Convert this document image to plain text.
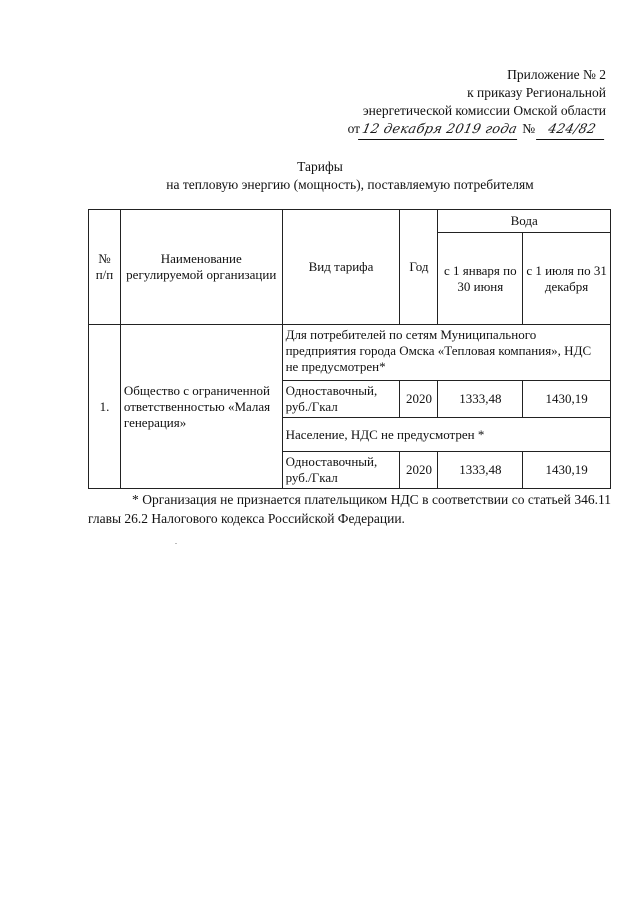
Приложение № 2
к приказу Региональной
энергетической комиссии Омской области
от12 декабря 2019 года № 424/82
Тарифы
на тепловую энергию (мощность), поставляемую потребителям
№ п/п	Наименование регулируемой организации	Вид тарифа	Год	Вода	
				с 1 января по 30 июня	с 1 июля по 31 декабря
1.	Общество с ограниченной ответственностью «Малая генерация»	Для потребителей по сетям Муниципального предприятия города Омска «Тепловая компания», НДС не предусмотрен*			
		Одноставочный, руб./Гкал	2020	1333,48	1430,19
		Население, НДС не предусмотрен *			
		Одноставочный, руб./Гкал	2020	1333,48	1430,19
* Организация не признается плательщиком НДС в соответствии со статьей 346.11 главы 26.2 Налогового кодекса Российской Федерации.
